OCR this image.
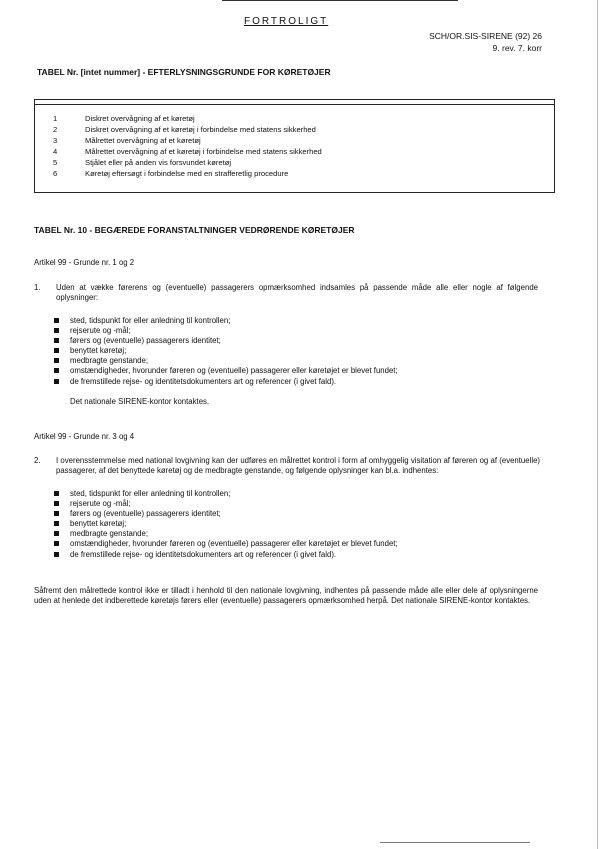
FORTROLIGT
SCH/OR.SIS-SIRENE (92) 26
9. rev. 7. korr
TABEL Nr. [intet nummer] - EFTERLYSNINGSGRUNDE FOR KØRETØJER
1	Diskret overvågning af et køretøj
2	Diskret overvågning af et køretøj i forbindelse med statens sikkerhed
3	Målrettet overvågning af et køretøj
4	Målrettet overvågning af et køretøj i forbindelse med statens sikkerhed
5	Stjålet eller på anden vis forsvundet køretøj
6	Køretøj eftersøgt i forbindelse med en strafferetlig procedure
TABEL Nr. 10 - BEGÆREDE FORANSTALTNINGER VEDRØRENDE KØRETØJER
Artikel 99 - Grunde nr. 1 og 2
1. Uden at vække førerens og (eventuelle) passagerers opmærksomhed indsamles på passende måde alle eller nogle af følgende oplysninger:
sted, tidspunkt for eller anledning til kontrollen;
rejserute og -mål;
førers og (eventuelle) passagerers identitet;
benyttet køretøj;
medbragte genstande;
omstændigheder, hvorunder føreren og (eventuelle) passagerer eller køretøjet er blevet fundet;
de fremstillede rejse- og identitetsdokumenters art og referencer (i givet fald).
Det nationale SIRENE-kontor kontaktes.
Artikel 99 - Grunde nr. 3 og 4
2. I overensstemmelse med national lovgivning kan der udføres en målrettet kontrol i form af omhyggelig visitation af føreren og af (eventuelle) passagerer, af det benyttede køretøj og de medbragte genstande, og følgende oplysninger kan bl.a. indhentes:
sted, tidspunkt for eller anledning til kontrollen;
rejserute og -mål;
førers og (eventuelle) passagerers identitet;
benyttet køretøj;
medbragte genstande;
omstændigheder, hvorunder føreren og (eventuelle) passagerer eller køretøjet er blevet fundet;
de fremstillede rejse- og identitetsdokumenters art og referencer (i givet fald).
Såfremt den målrettede kontrol ikke er tilladt i henhold til den nationale lovgivning, indhentes på passende måde alle eller dele af oplysningerne uden at henlede det indberettede køretøjs førers eller (eventuelle) passagerers opmærksomhed herpå. Det nationale SIRENE-kontor kontaktes.
